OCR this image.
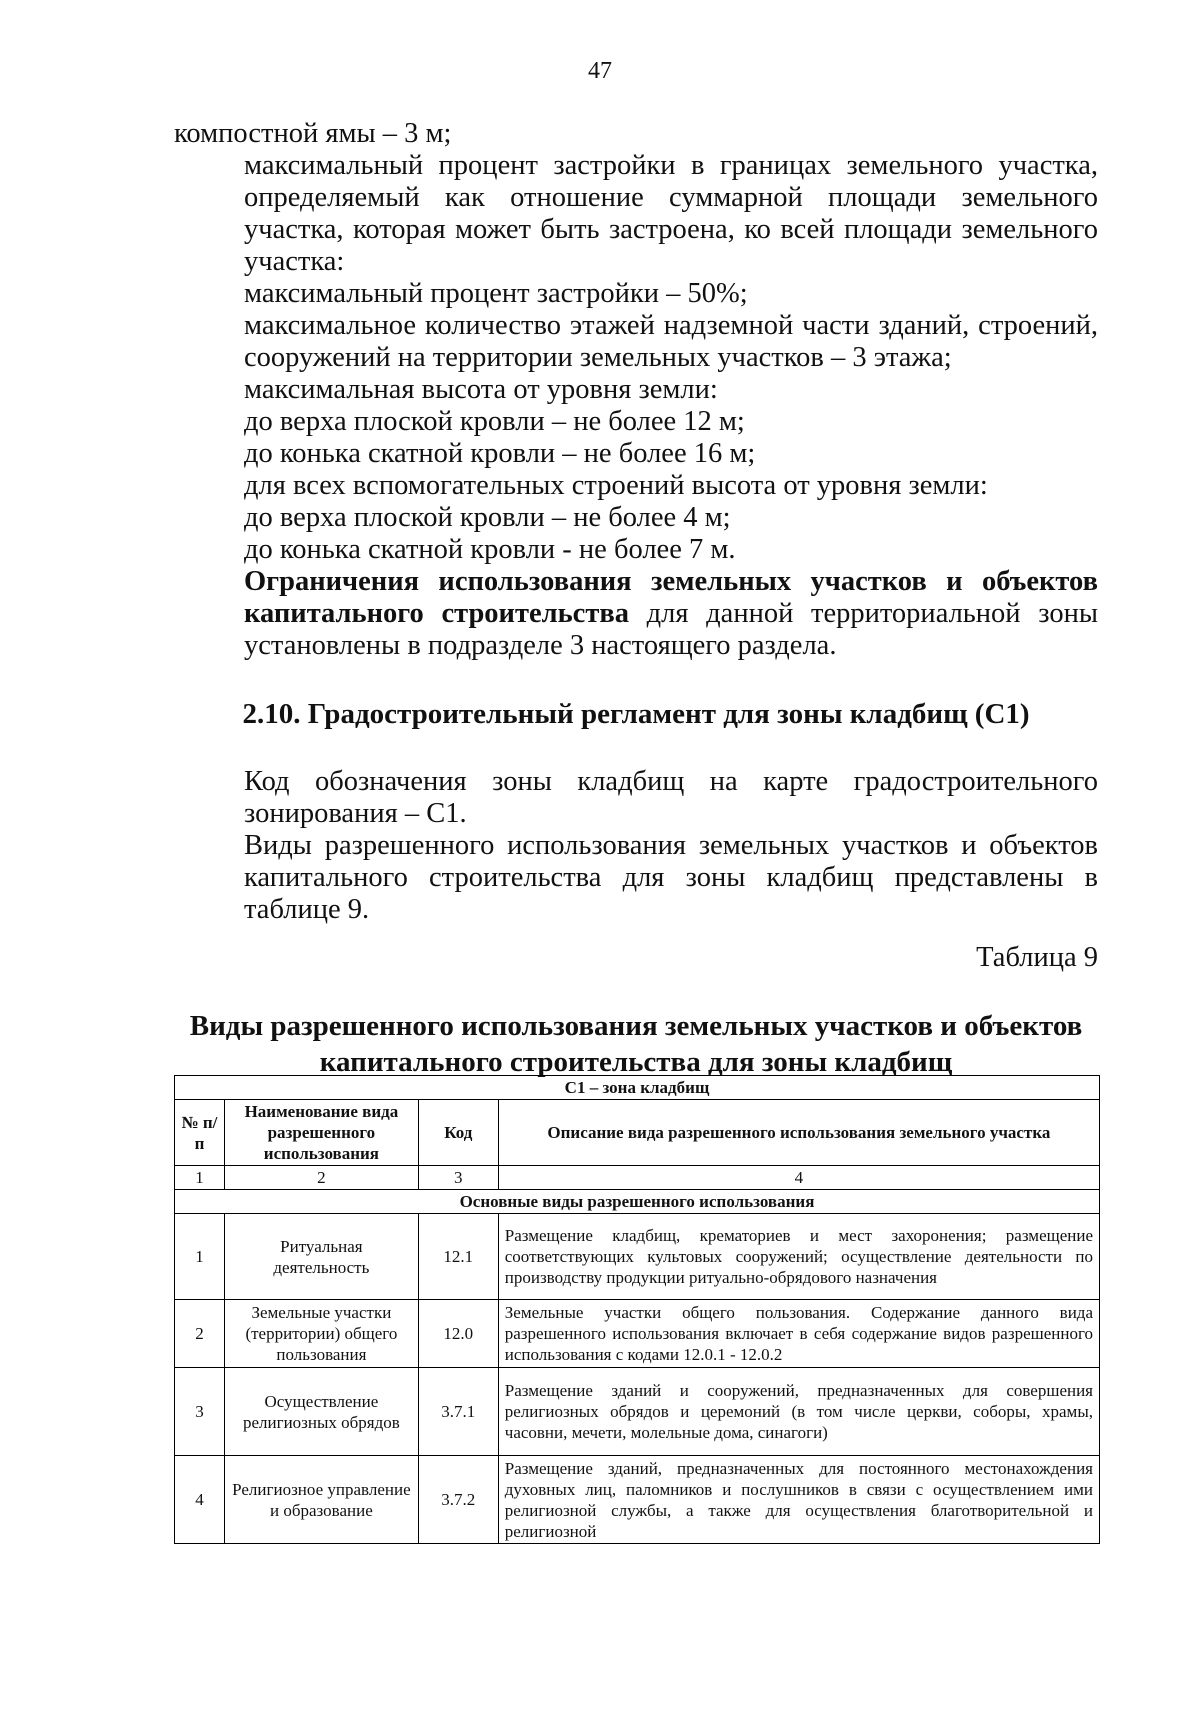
47

компостной ямы – 3 м;

максимальный процент застройки в границах земельного участка, определяемый как отношение суммарной площади земельного участка, которая может быть застроена, ко всей площади земельного участка:

максимальный процент застройки – 50%;

максимальное количество этажей надземной части зданий, строений, сооружений на территории земельных участков – 3 этажа;

максимальная высота от уровня земли:

до верха плоской кровли – не более 12 м;

до конька скатной кровли – не более 16 м;

для всех вспомогательных строений высота от уровня земли:

до верха плоской кровли – не более 4 м;

до конька скатной кровли - не более 7 м.

Ограничения использования земельных участков и объектов капитального строительства для данной территориальной зоны установлены в подразделе 3 настоящего раздела.

2.10. Градостроительный регламент для зоны кладбищ (С1)

Код обозначения зоны кладбищ на карте градостроительного зонирования – С1.

Виды разрешенного использования земельных участков и объектов капитального строительства для зоны кладбищ представлены в таблице 9.

Таблица 9

Виды разрешенного использования земельных участков и объектов капитального строительства для зоны кладбищ

С1 – зона кладбищ			
№ п/п	Наименование вида разрешенного использования	Код	Описание вида разрешенного использования земельного участка
1	2	3	4
Основные виды разрешенного использования			
1	Ритуальная деятельность	12.1	Размещение кладбищ, крематориев и мест захоронения; размещение соответствующих культовых сооружений; осуществление деятельности по производству продукции ритуально-обрядового назначения
2	Земельные участки (территории) общего пользования	12.0	Земельные участки общего пользования. Содержание данного вида разрешенного использования включает в себя содержание видов разрешенного использования с кодами 12.0.1 - 12.0.2
3	Осуществление религиозных обрядов	3.7.1	Размещение зданий и сооружений, предназначенных для совершения религиозных обрядов и церемоний (в том числе церкви, соборы, храмы, часовни, мечети, молельные дома, синагоги)
4	Религиозное управление и образование	3.7.2	Размещение зданий, предназначенных для постоянного местонахождения духовных лиц, паломников и послушников в связи с осуществлением ими религиозной службы, а также для осуществления благотворительной и религиозной
